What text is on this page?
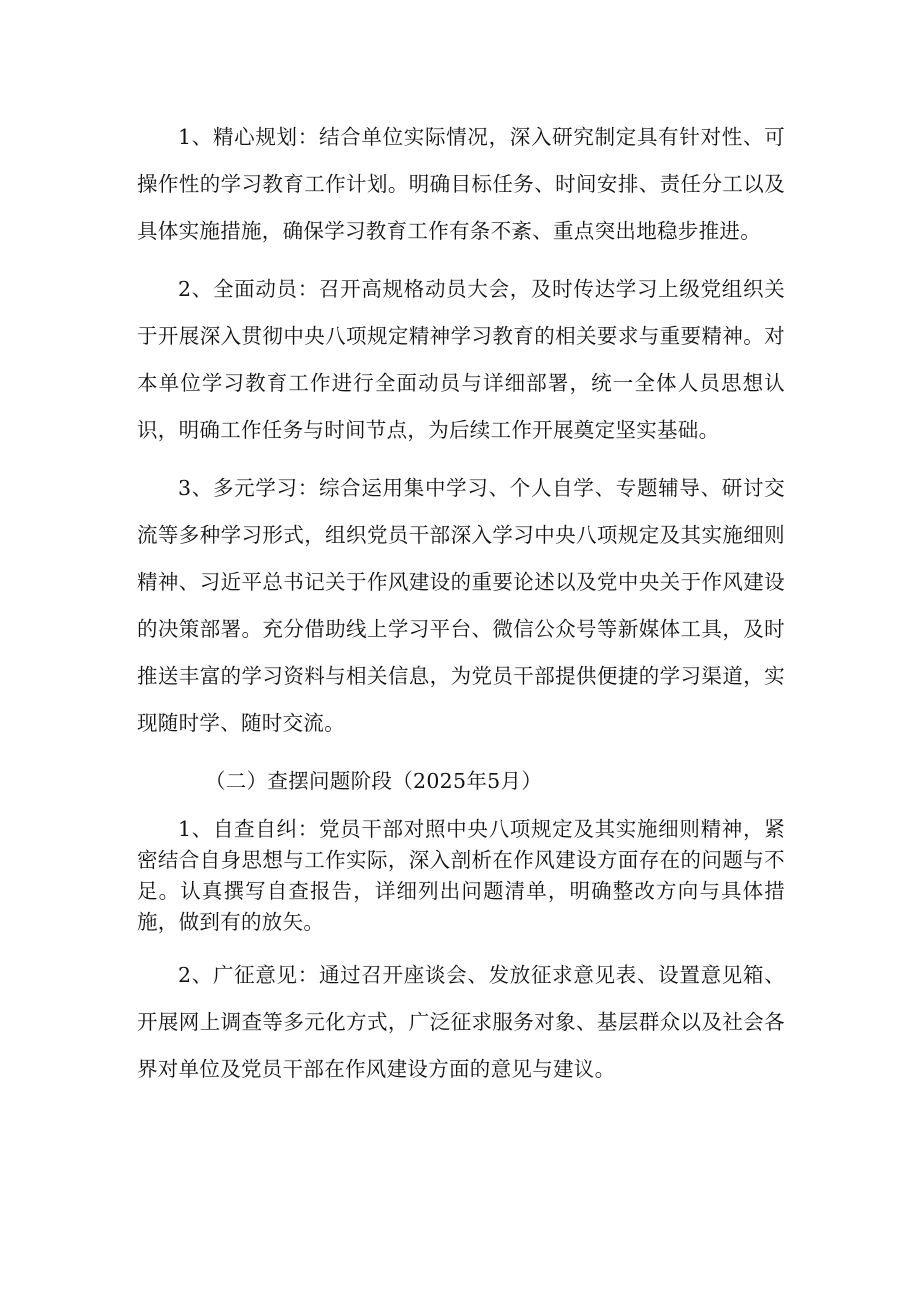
1、精心规划：结合单位实际情况，深入研究制定具有针对性、可操作性的学习教育工作计划。明确目标任务、时间安排、责任分工以及具体实施措施，确保学习教育工作有条不紊、重点突出地稳步推进。

2、全面动员：召开高规格动员大会，及时传达学习上级党组织关于开展深入贯彻中央八项规定精神学习教育的相关要求与重要精神。对本单位学习教育工作进行全面动员与详细部署，统一全体人员思想认识，明确工作任务与时间节点，为后续工作开展奠定坚实基础。

3、多元学习：综合运用集中学习、个人自学、专题辅导、研讨交流等多种学习形式，组织党员干部深入学习中央八项规定及其实施细则精神、习近平总书记关于作风建设的重要论述以及党中央关于作风建设的决策部署。充分借助线上学习平台、微信公众号等新媒体工具，及时推送丰富的学习资料与相关信息，为党员干部提供便捷的学习渠道，实现随时学、随时交流。

（二）查摆问题阶段（2025年5月）

1、自查自纠：党员干部对照中央八项规定及其实施细则精神，紧密结合自身思想与工作实际，深入剖析在作风建设方面存在的问题与不足。认真撰写自查报告，详细列出问题清单，明确整改方向与具体措施，做到有的放矢。

2、广征意见：通过召开座谈会、发放征求意见表、设置意见箱、开展网上调查等多元化方式，广泛征求服务对象、基层群众以及社会各界对单位及党员干部在作风建设方面的意见与建议。
